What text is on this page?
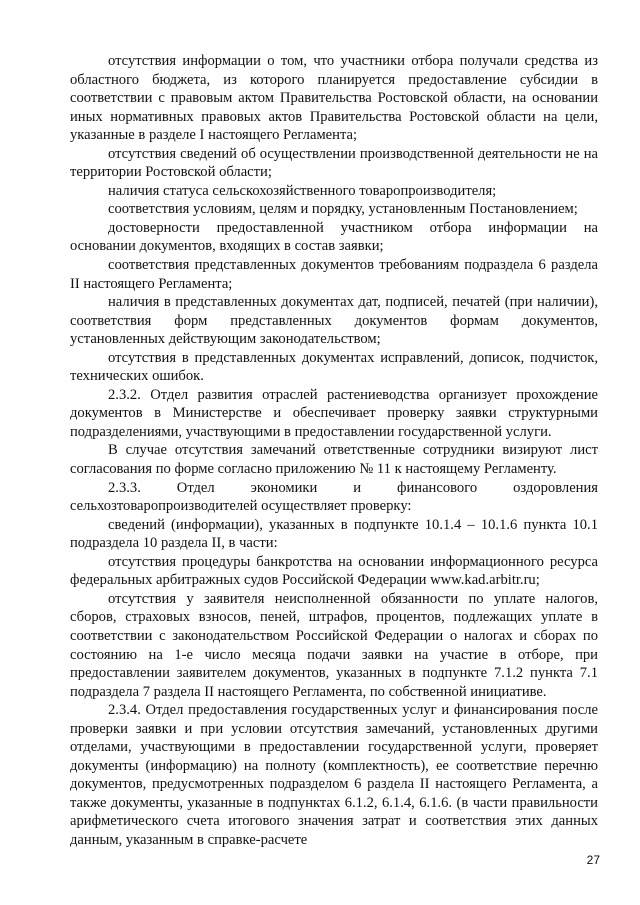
отсутствия информации о том, что участники отбора получали средства из областного бюджета, из которого планируется предоставление субсидии в соответствии с правовым актом Правительства Ростовской области, на основании иных нормативных правовых актов Правительства Ростовской области на цели, указанные в разделе I настоящего Регламента;

отсутствия сведений об осуществлении производственной деятельности не на территории Ростовской области;

наличия статуса сельскохозяйственного товаропроизводителя;

соответствия условиям, целям и порядку, установленным Постановлением;

достоверности предоставленной участником отбора информации на основании документов, входящих в состав заявки;

соответствия представленных документов требованиям подраздела 6 раздела II настоящего Регламента;

наличия в представленных документах дат, подписей, печатей (при наличии), соответствия форм представленных документов формам документов, установленных действующим законодательством;

отсутствия в представленных документах исправлений, дописок, подчисток, технических ошибок.

2.3.2. Отдел развития отраслей растениеводства организует прохождение документов в Министерстве и обеспечивает проверку заявки структурными подразделениями, участвующими в предоставлении государственной услуги.

В случае отсутствия замечаний ответственные сотрудники визируют лист согласования по форме согласно приложению № 11 к настоящему Регламенту.

2.3.3. Отдел экономики и финансового оздоровления сельхозтоваропроизводителей осуществляет проверку:

сведений (информации), указанных в подпункте 10.1.4 – 10.1.6 пункта 10.1 подраздела 10 раздела II, в части:

отсутствия процедуры банкротства на основании информационного ресурса федеральных арбитражных судов Российской Федерации www.kad.arbitr.ru;

отсутствия у заявителя неисполненной обязанности по уплате налогов, сборов, страховых взносов, пеней, штрафов, процентов, подлежащих уплате в соответствии с законодательством Российской Федерации о налогах и сборах по состоянию на 1-е число месяца подачи заявки на участие в отборе, при предоставлении заявителем документов, указанных в подпункте 7.1.2 пункта 7.1 подраздела 7 раздела II настоящего Регламента, по собственной инициативе.

2.3.4. Отдел предоставления государственных услуг и финансирования после проверки заявки и при условии отсутствия замечаний, установленных другими отделами, участвующими в предоставлении государственной услуги, проверяет документы (информацию) на полноту (комплектность), ее соответствие перечню документов, предусмотренных подразделом 6 раздела II настоящего Регламента, а также документы, указанные в подпунктах 6.1.2, 6.1.4, 6.1.6. (в части правильности арифметического счета итогового значения затрат и соответствия этих данных данным, указанным в справке-расчете

27
